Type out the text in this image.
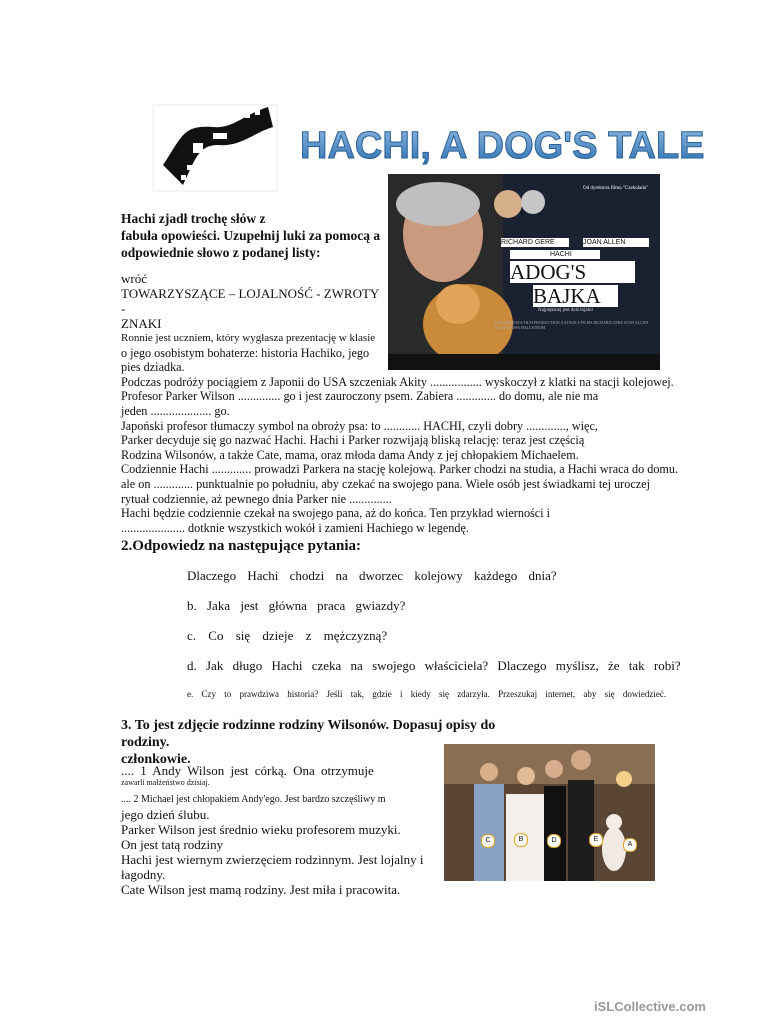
HACHI, A DOG'S TALE
Od dyrektora filmu "Czekolada"
RICHARD GERE	JOAN ALLEN
HACHI
ADOG'S
BAJKA
Najpiękniej jest dziś lojalni
A INTERMEDIA FILM PRODUCTION A STAGE 6 FILMS RICHARD GERE JOAN ALLEN HACHI LASSE HALLSTROM
Hachi zjadł trochę słów z
fabuła opowieści. Uzupełnij luki za pomocą a
odpowiednie słowo z podanej listy:
wróć
TOWARZYSZĄCE – LOJALNOŚĆ - ZWROTY -
ZNAKI

Ronnie jest uczniem, który wygłasza prezentację w klasie

o jego osobistym bohaterze: historia Hachiko, jego

pies dziadka.

Podczas podróży pociągiem z Japonii do USA szczeniak Akity ................. wyskoczył z klatki na stacji kolejowej.

Profesor Parker Wilson .............. go i jest zauroczony psem. Zabiera ............. do domu, ale nie ma

jeden .................... go.

Japoński profesor tłumaczy symbol na obroży psa: to ............ HACHI, czyli dobry ............., więc,

Parker decyduje się go nazwać Hachi. Hachi i Parker rozwijają bliską relację: teraz jest częścią

Rodzina Wilsonów, a także Cate, mama, oraz młoda dama Andy z jej chłopakiem Michaelem.

Codziennie Hachi ............. prowadzi Parkera na stację kolejową. Parker chodzi na studia, a Hachi wraca do domu.

ale on ............. punktualnie po południu, aby czekać na swojego pana. Wiele osób jest świadkami tej uroczej

rytuał codziennie, aż pewnego dnia Parker nie ..............

Hachi będzie codziennie czekał na swojego pana, aż do końca. Ten przykład wierności i

..................... dotknie wszystkich wokół i zamieni Hachiego w legendę.

2.Odpowiedz na następujące pytania:
Dlaczego Hachi chodzi na dworzec kolejowy każdego dnia?
b. Jaka jest główna praca gwiazdy?
c. Co się dzieje z mężczyzną?
d. Jak długo Hachi czeka na swojego właściciela? Dlaczego myślisz, że tak robi?
e. Czy to prawdziwa historia? Jeśli tak, gdzie i kiedy się zdarzyła. Przeszukaj internet, aby się dowiedzieć.
3. To jest zdjęcie rodzinne rodziny Wilsonów. Dopasuj opisy do rodziny.
członkowie.
.... 1 Andy Wilson jest córką. Ona otrzymuje
zawarli małżeństwo dzisiaj.
.... 2 Michael jest chłopakiem Andy'ego. Jest bardzo szczęśliwy m
jego dzień ślubu.
Parker Wilson jest średnio wieku profesorem muzyki.
On jest tatą rodziny
Hachi jest wiernym zwierzęciem rodzinnym. Jest lojalny i
łagodny.
Cate Wilson jest mamą rodziny. Jest miła i pracowita.
C	B	D	E
A
iSLCollective.com
